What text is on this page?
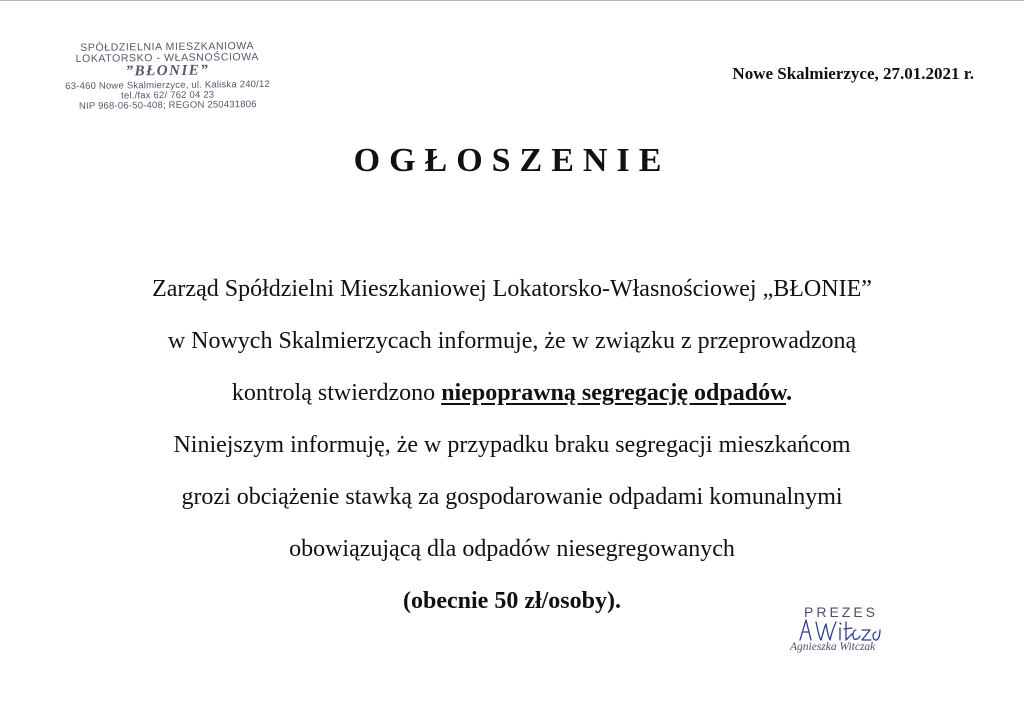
SPÓŁDZIELNIA MIESZKANIOWA
LOKATORSKO - WŁASNOŚCIOWA
”BŁONIE”
63-460 Nowe Skalmierzyce, ul. Kaliska 240/12
tel./fax 62/ 762 04 23
NIP 968-06-50-408; REGON 250431806
Nowe Skalmierzyce, 27.01.2021 r.
OGŁOSZENIE
Zarząd Spółdzielni Mieszkaniowej Lokatorsko-Własnościowej „BŁONIE”
w Nowych Skalmierzycach informuje, że w związku z przeprowadzoną
kontrolą stwierdzono niepoprawną segregację odpadów.
Niniejszym informuję, że w przypadku braku segregacji mieszkańcom
grozi obciążenie stawką za gospodarowanie odpadami komunalnymi
obowiązującą dla odpadów niesegregowanych
(obecnie 50 zł/osoby).	PREZES
Agnieszka Witczak
